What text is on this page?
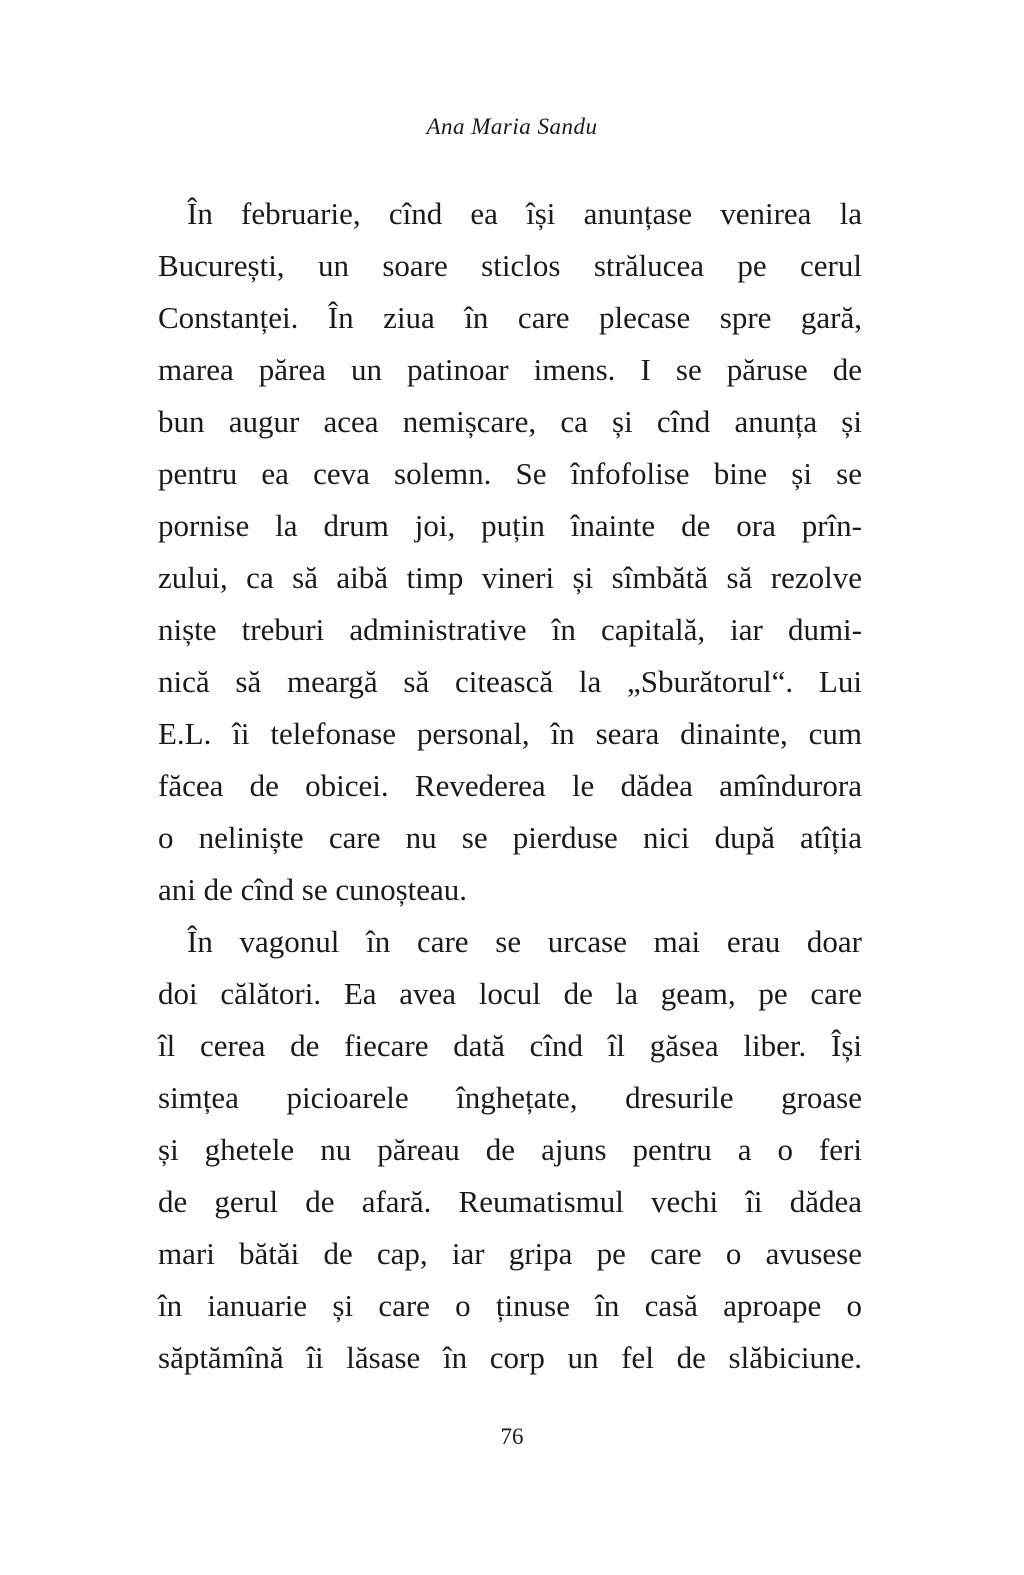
Ana Maria Sandu
În februarie, cînd ea își anunțase venirea la
București, un soare sticlos strălucea pe cerul
Constanței. În ziua în care plecase spre gară,
marea părea un patinoar imens. I se păruse de
bun augur acea nemișcare, ca și cînd anunța și
pentru ea ceva solemn. Se înfofolise bine și se
pornise la drum joi, puțin înainte de ora prîn-
zului, ca să aibă timp vineri și sîmbătă să rezolve
niște treburi administrative în capitală, iar dumi-
nică să meargă să citească la „Sburătorul“. Lui
E.L. îi telefonase personal, în seara dinainte, cum
făcea de obicei. Revederea le dădea amîndurora
o neliniște care nu se pierduse nici după atîția
ani de cînd se cunoșteau.
În vagonul în care se urcase mai erau doar
doi călători. Ea avea locul de la geam, pe care
îl cerea de fiecare dată cînd îl găsea liber. Își
simțea picioarele înghețate, dresurile groase
și ghetele nu păreau de ajuns pentru a o feri
de gerul de afară. Reumatismul vechi îi dădea
mari bătăi de cap, iar gripa pe care o avusese
în ianuarie și care o ținuse în casă aproape o
săptămînă îi lăsase în corp un fel de slăbiciune.
76
